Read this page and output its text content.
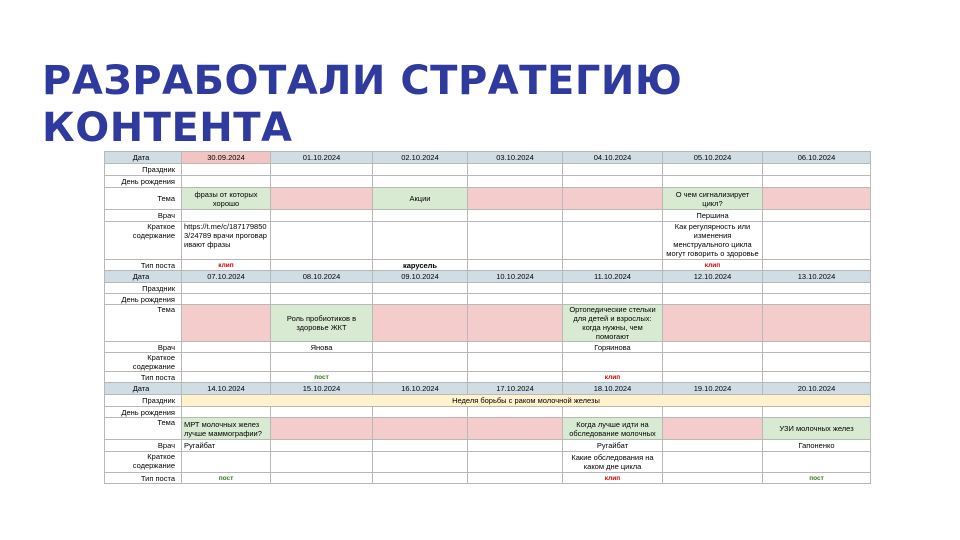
РАЗРАБОТАЛИ СТРАТЕГИЮ
КОНТЕНТА
Дата	30.09.2024	01.10.2024	02.10.2024	03.10.2024	04.10.2024	05.10.2024	06.10.2024
Праздник							
День рождения							
Тема	фразы от которых хорошо		Акции			О чем сигнализирует цикл?	
Врач						Першина	
Краткое содержание	https://t.me/c/1871798503/24789 врачи проговаривают фразы					Как регулярность или изменения менструального цикла могут говорить о здоровье	
Тип поста	клип		карусель			клип	
Дата	07.10.2024	08.10.2024	09.10.2024	10.10.2024	11.10.2024	12.10.2024	13.10.2024
Праздник							
День рождения							
Тема		Роль пробиотиков в здоровье ЖКТ			Ортопедические стельки для детей и взрослых: когда нужны, чем помогают		
Врач		Янова			Горяинова		
Краткое содержание							
Тип поста		пост			клип		
Дата	14.10.2024	15.10.2024	16.10.2024	17.10.2024	18.10.2024	19.10.2024	20.10.2024
Праздник	Неделя борьбы с раком молочной железы						
День рождения							
Тема	МРТ молочных желез лучше маммографии?				Когда лучше идти на обследование молочных		УЗИ молочных желез
Врач	Ругайбат				Ругайбат		Гапоненко
Краткое содержание					Какие обследования на каком дне цикла		
Тип поста	пост				клип		пост
